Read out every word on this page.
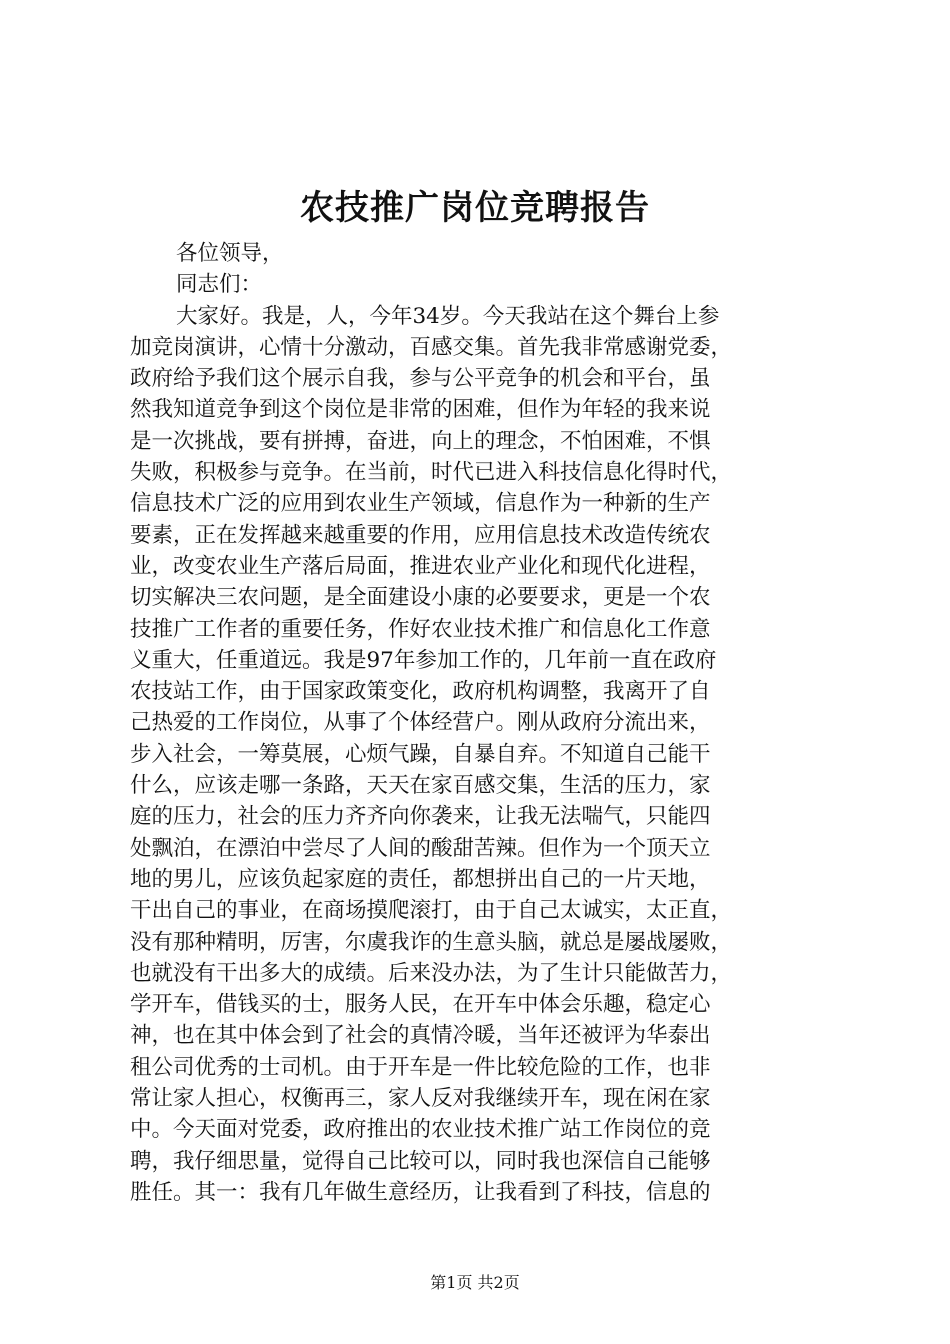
农技推广岗位竞聘报告
各位领导，
同志们：
大家好。我是，人，今年34岁。今天我站在这个舞台上参
加竞岗演讲，心情十分激动，百感交集。首先我非常感谢党委，
政府给予我们这个展示自我，参与公平竞争的机会和平台，虽
然我知道竞争到这个岗位是非常的困难，但作为年轻的我来说
是一次挑战，要有拼搏，奋进，向上的理念，不怕困难，不惧
失败，积极参与竞争。在当前，时代已进入科技信息化得时代，
信息技术广泛的应用到农业生产领域，信息作为一种新的生产
要素，正在发挥越来越重要的作用，应用信息技术改造传统农
业，改变农业生产落后局面，推进农业产业化和现代化进程，
切实解决三农问题，是全面建设小康的必要要求，更是一个农
技推广工作者的重要任务，作好农业技术推广和信息化工作意
义重大，任重道远。我是97年参加工作的，几年前一直在政府
农技站工作，由于国家政策变化，政府机构调整，我离开了自
己热爱的工作岗位，从事了个体经营户。刚从政府分流出来，
步入社会，一筹莫展，心烦气躁，自暴自弃。不知道自己能干
什么，应该走哪一条路，天天在家百感交集，生活的压力，家
庭的压力，社会的压力齐齐向你袭来，让我无法喘气，只能四
处飘泊，在漂泊中尝尽了人间的酸甜苦辣。但作为一个顶天立
地的男儿，应该负起家庭的责任，都想拼出自己的一片天地，
干出自己的事业，在商场摸爬滚打，由于自己太诚实，太正直，
没有那种精明，厉害，尔虞我诈的生意头脑，就总是屡战屡败，
也就没有干出多大的成绩。后来没办法，为了生计只能做苦力，
学开车，借钱买的士，服务人民，在开车中体会乐趣，稳定心
神，也在其中体会到了社会的真情冷暖，当年还被评为华泰出
租公司优秀的士司机。由于开车是一件比较危险的工作，也非
常让家人担心，权衡再三，家人反对我继续开车，现在闲在家
中。今天面对党委，政府推出的农业技术推广站工作岗位的竞
聘，我仔细思量，觉得自己比较可以，同时我也深信自己能够
胜任。其一：我有几年做生意经历，让我看到了科技，信息的
第1页 共2页
